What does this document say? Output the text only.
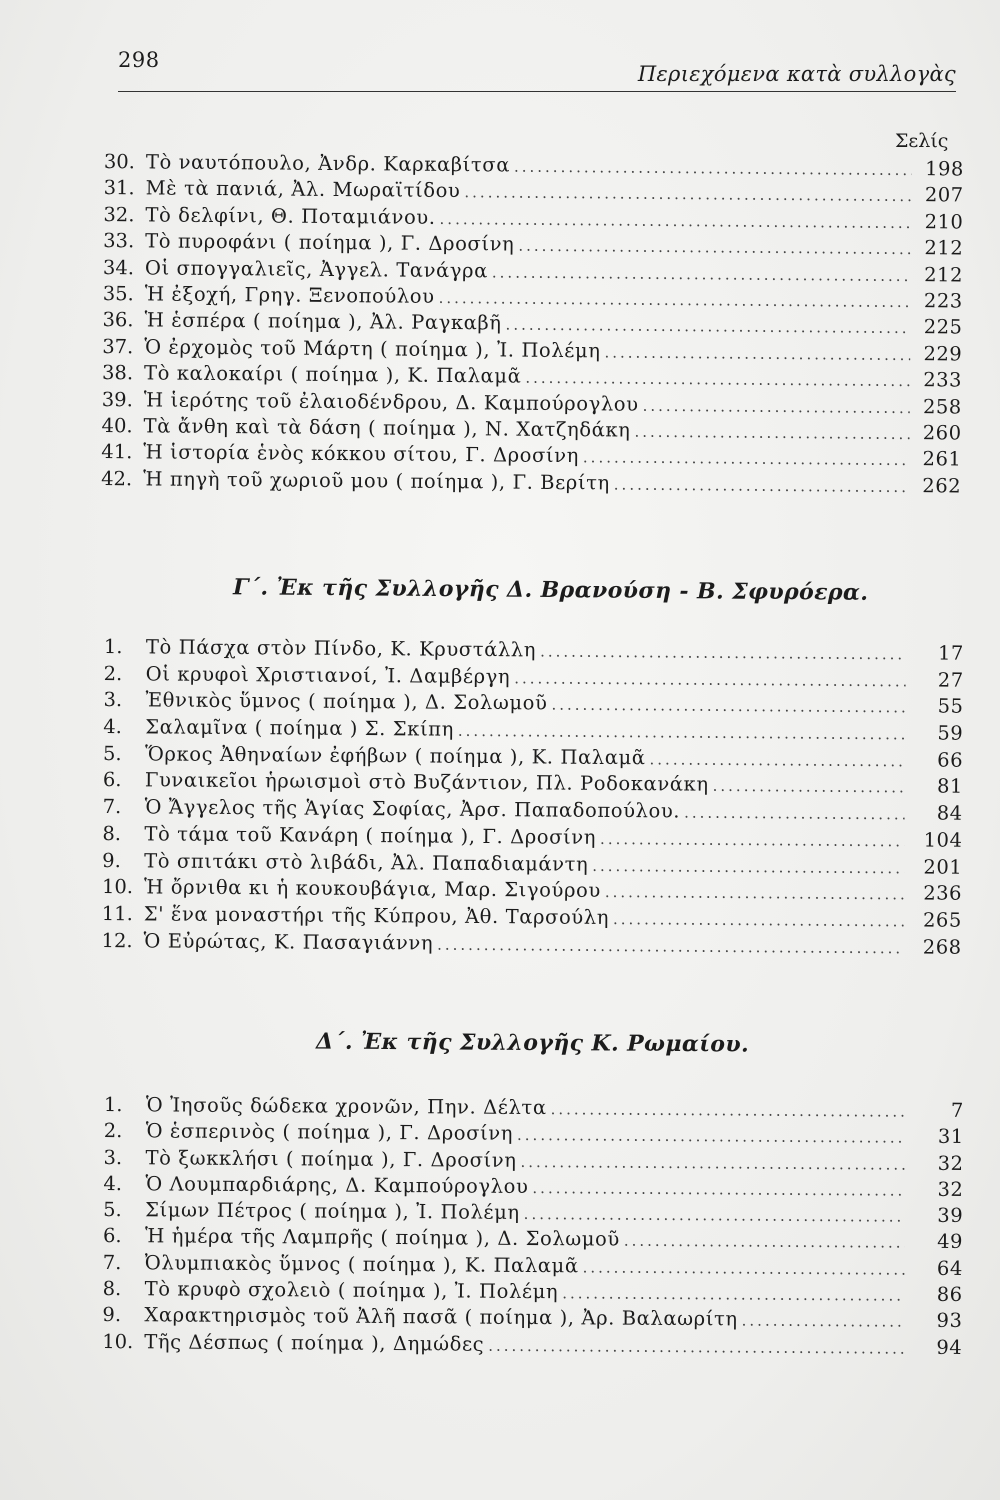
298
Περιεχόμενα κατὰ συλλογὰς
Σελίς
30. Τὸ ναυτόπουλο, Ἀνδρ. Καρκαβίτσα .....	198
31. Μὲ τὰ πανιά, Ἀλ. Μωραϊτίδου .....	207
32. Τὸ δελφίνι, Θ. Ποταμιάνου. .....	210
33. Τὸ πυροφάνι ( ποίημα ), Γ. Δροσίνη .....	212
34. Οἱ σπογγαλιεῖς, Ἀγγελ. Τανάγρα .....	212
35. Ἡ ἐξοχή, Γρηγ. Ξενοπούλου .....	223
36. Ἡ ἑσπέρα ( ποίημα ), Ἀλ. Ραγκαβῆ .....	225
37. Ὁ ἐρχομὸς τοῦ Μάρτη ( ποίημα ), Ἰ. Πολέμη .....	229
38. Τὸ καλοκαίρι ( ποίημα ), Κ. Παλαμᾶ .....	233
39. Ἡ ἱερότης τοῦ ἐλαιοδένδρου, Δ. Καμπούρογλου .....	258
40. Τὰ ἄνθη καὶ τὰ δάση ( ποίημα ), Ν. Χατζηδάκη .....	260
41. Ἡ ἱστορία ἑνὸς κόκκου σίτου, Γ. Δροσίνη .....	261
42. Ἡ πηγὴ τοῦ χωριοῦ μου ( ποίημα ), Γ. Βερίτη .....	262
Γ΄. Ἐκ τῆς Συλλογῆς Δ. Βρανούση - Β. Σφυρόερα.
1.	Τὸ Πάσχα στὸν Πίνδο, Κ. Κρυστάλλη .....	17
2.	Οἱ κρυφοὶ Χριστιανοί, Ἰ. Δαμβέργη .....	27
3.	Ἐθνικὸς ὕμνος ( ποίημα ), Δ. Σολωμοῦ .....	55
4.	Σαλαμῖνα ( ποίημα ) Σ. Σκίπη .....	59
5.	Ὅρκος Ἀθηναίων ἐφήβων ( ποίημα ), Κ. Παλαμᾶ .....	66
6.	Γυναικεῖοι ἡρωισμοὶ στὸ Βυζάντιον, Πλ. Ροδοκανάκη .....	81
7.	Ὁ Ἄγγελος τῆς Ἁγίας Σοφίας, Ἀρσ. Παπαδοπούλου. .....	84
8.	Τὸ τάμα τοῦ Κανάρη ( ποίημα ), Γ. Δροσίνη .....	104
9.	Τὸ σπιτάκι στὸ λιβάδι, Ἀλ. Παπαδιαμάντη .....	201
10. Ἡ ὄρνιθα κι ἡ κουκουβάγια, Μαρ. Σιγούρου .....	236
11. Σ' ἕνα μοναστήρι τῆς Κύπρου, Ἀθ. Ταρσούλη .....	265
12. Ὁ Εὐρώτας, Κ. Πασαγιάννη .....	268
Δ΄. Ἐκ τῆς Συλλογῆς Κ. Ρωμαίου.
1.	Ὁ Ἰησοῦς δώδεκα χρονῶν, Πην. Δέλτα .....	7
2.	Ὁ ἑσπερινὸς ( ποίημα ), Γ. Δροσίνη .....	31
3.	Τὸ ξωκκλήσι ( ποίημα ), Γ. Δροσίνη .....	32
4.	Ὁ Λουμπαρδιάρης, Δ. Καμπούρογλου .....	32
5.	Σίμων Πέτρος ( ποίημα ), Ἰ. Πολέμη .....	39
6.	Ἡ ἡμέρα τῆς Λαμπρῆς ( ποίημα ), Δ. Σολωμοῦ .....	49
7.	Ὀλυμπιακὸς ὕμνος ( ποίημα ), Κ. Παλαμᾶ .....	64
8.	Τὸ κρυφὸ σχολειὸ ( ποίημα ), Ἰ. Πολέμη .....	86
9.	Χαρακτηρισμὸς τοῦ Ἀλῆ πασᾶ ( ποίημα ), Ἀρ. Βαλαωρίτη .....	93
10. Τῆς Δέσπως ( ποίημα ), Δημώδες .....	94
